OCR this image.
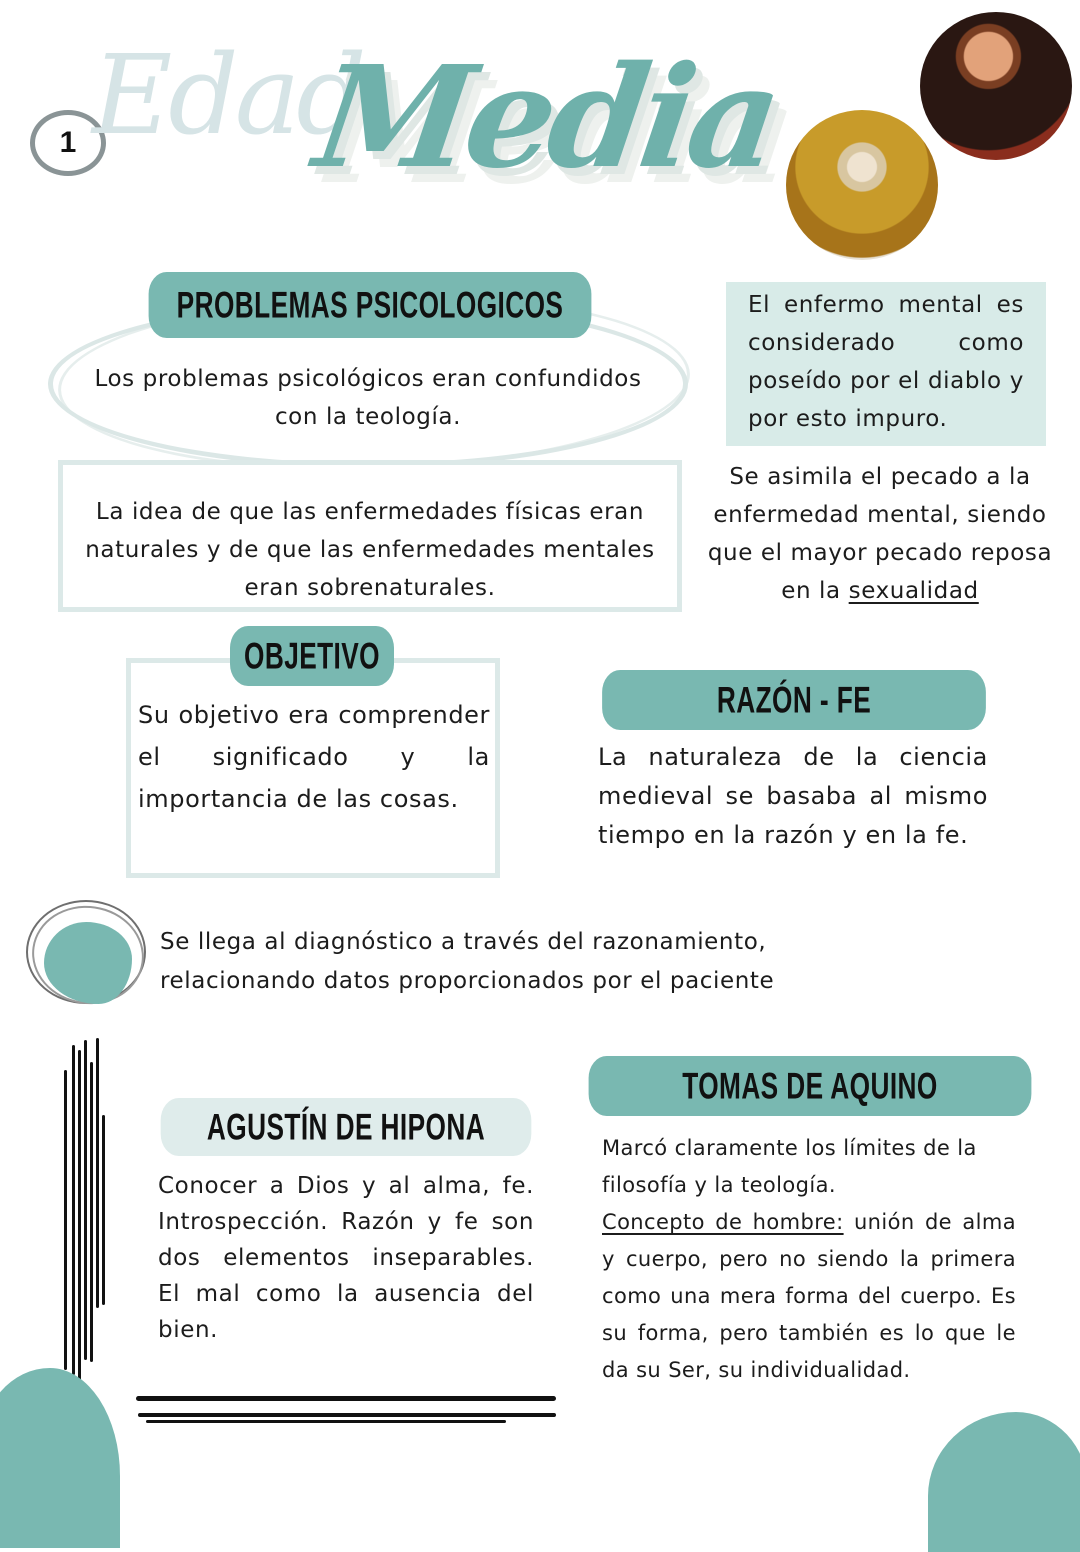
1 Edad
Media
PROBLEMAS PSICOLOGICOS
Los problemas psicológicos eran confundidos con la teología.
La idea de que las enfermedades físicas eran naturales y de que las enfermedades mentales eran sobrenaturales.
El enfermo mental es considerado como poseído por el diablo y por esto impuro.
Se asimila el pecado a la enfermedad mental, siendo que el mayor pecado reposa en la sexualidad
OBJETIVO
Su objetivo era comprender el significado y la importancia de las cosas.
RAZÓN - FE
La naturaleza de la ciencia medieval se basaba al mismo tiempo en la razón y en la fe.
Se llega al diagnóstico a través del razonamiento, relacionando datos proporcionados por el paciente
AGUSTÍN DE HIPONA
Conocer a Dios y al alma, fe. Introspección. Razón y fe son dos elementos inseparables. El mal como la ausencia del bien.
TOMAS DE AQUINO
Marcó claramente los límites de la filosofía y la teología.
Concepto de hombre: unión de alma y cuerpo, pero no siendo la primera como una mera forma del cuerpo. Es su forma, pero también es lo que le da su Ser, su individualidad.
